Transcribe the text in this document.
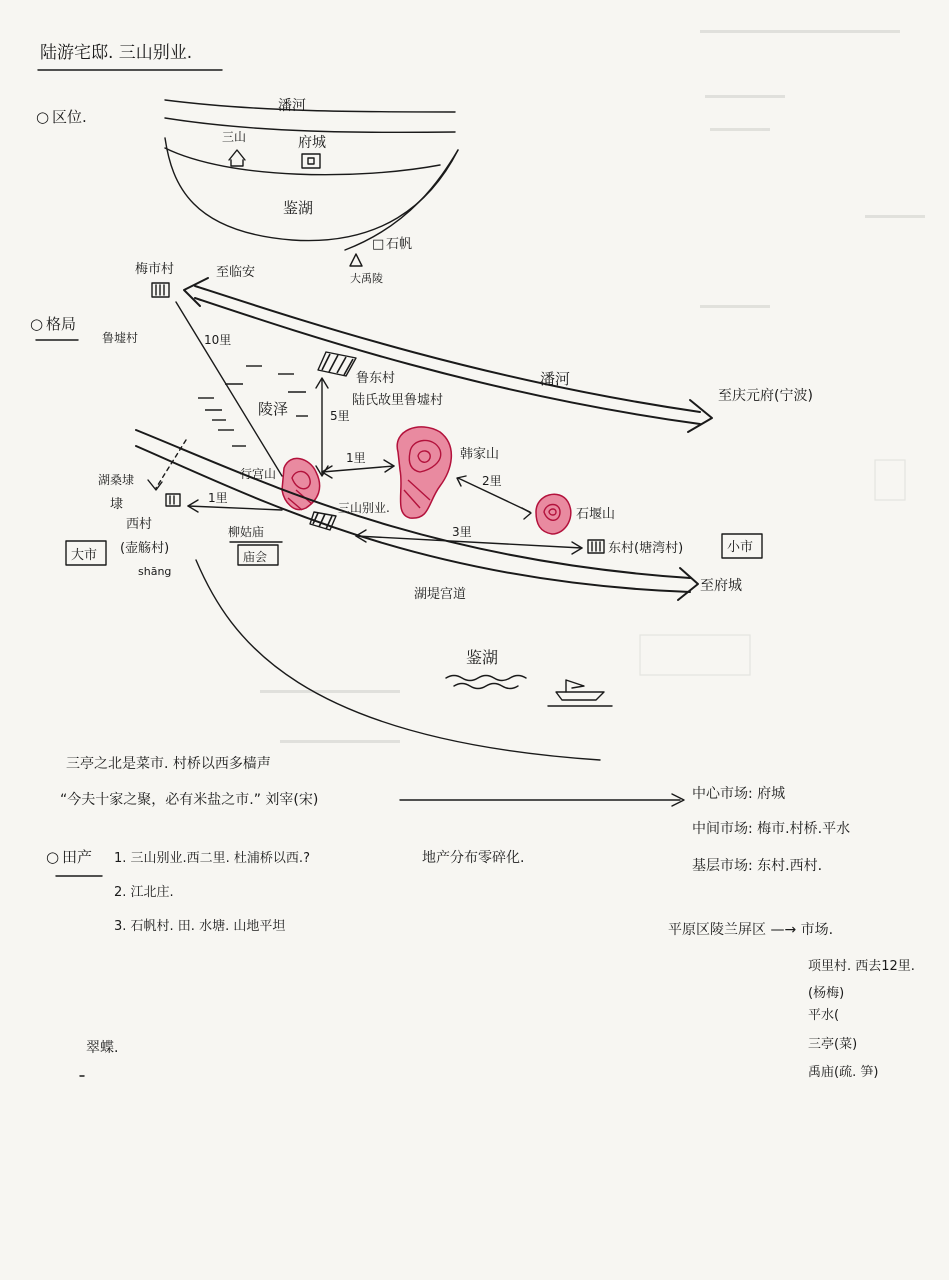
陆游宅邸. 三山别业.
○ 区位.
潘河
三山	府城
鉴湖
□ 石帆
大禹陵
○ 格局
梅市村	至临安
鲁墟村
潘河
至庆元府(宁波)
10里
陵泽
鲁东村
陆氏故里鲁墟村
5里
韩家山
1里
2里
石堰山
行宫山
三山别业.
湖堤宫道
至府城
湖桑埭
埭	1里
西村
(壶觞村)
shāng
大市
柳姑庙
庙会
3里
东村(塘湾村)	小市
鉴湖
三亭之北是菜市. 村桥以西多樯声
“今夫十家之聚，必有米盐之市.” 刘宰(宋)	中心市场: 府城
中间市场: 梅市.村桥.平水
基层市场: 东村.西村.
○ 田产 1. 三山别业.西二里. 杜浦桥以西.?
2. 江北庄.
3. 石帆村. 田. 水塘. 山地平坦
地产分布零碎化.
平原区陵兰屏区 —→ 市场.
项里村. 西去12里.
(杨梅)
平水(
三亭(菜)
禹庙(疏. 笋)
翠蝶.
